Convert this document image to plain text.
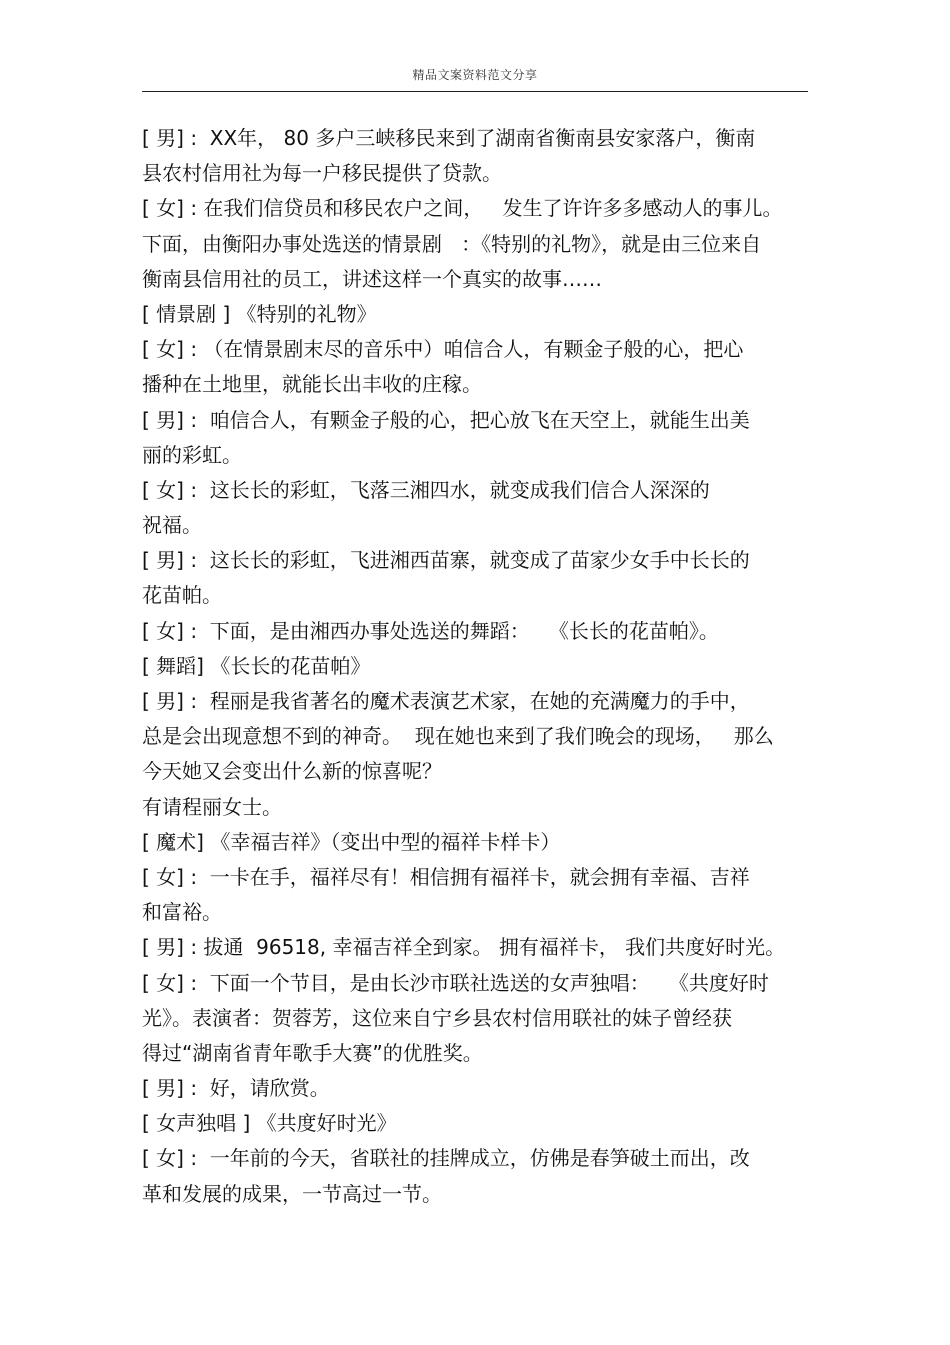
精品文案资料范文分享
[ 男] :  XX年， 80 多户三峡移民来到了湖南省衡南县安家落户，衡南
县农村信用社为每一户移民提供了贷款。
[ 女] : 在我们信贷员和移民农户之间，   发生了许许多多感动人的事儿。
下面，由衡阳办事处选送的情景剧   ：《特别的礼物》，就是由三位来自
衡南县信用社的员工，讲述这样一个真实的故事……
[ 情景剧 ] 《特别的礼物》
[ 女] : （在情景剧末尽的音乐中）咱信合人，有颗金子般的心，把心
播种在土地里，就能长出丰收的庄稼。
[ 男] :  咱信合人，有颗金子般的心，把心放飞在天空上，就能生出美
丽的彩虹。
[ 女] :  这长长的彩虹，飞落三湘四水，就变成我们信合人深深的
祝福。
[ 男] :  这长长的彩虹，飞进湘西苗寨，就变成了苗家少女手中长长的
花苗帕。
[ 女] :  下面，是由湘西办事处选送的舞蹈：   《长长的花苗帕》。
[ 舞蹈] 《长长的花苗帕》
[ 男] :  程丽是我省著名的魔术表演艺术家，在她的充满魔力的手中，
总是会出现意想不到的神奇。  现在她也来到了我们晚会的现场，   那么
今天她又会变出什么新的惊喜呢？
有请程丽女士。
[ 魔术] 《幸福吉祥》（变出中型的福祥卡样卡）
[ 女] :  一卡在手，福祥尽有！相信拥有福祥卡，就会拥有幸福、吉祥
和富裕。
[ 男] : 拔通  96518, 幸福吉祥全到家。 拥有福祥卡， 我们共度好时光。
[ 女] :  下面一个节目，是由长沙市联社选送的女声独唱：   《共度好时
光》。表演者：贺蓉芳，这位来自宁乡县农村信用联社的妹子曾经获
得过“湖南省青年歌手大赛”的优胜奖。
[ 男] :  好，请欣赏。
[ 女声独唱 ] 《共度好时光》
[ 女] :  一年前的今天，省联社的挂牌成立，仿佛是春笋破土而出，改
革和发展的成果，一节高过一节。
